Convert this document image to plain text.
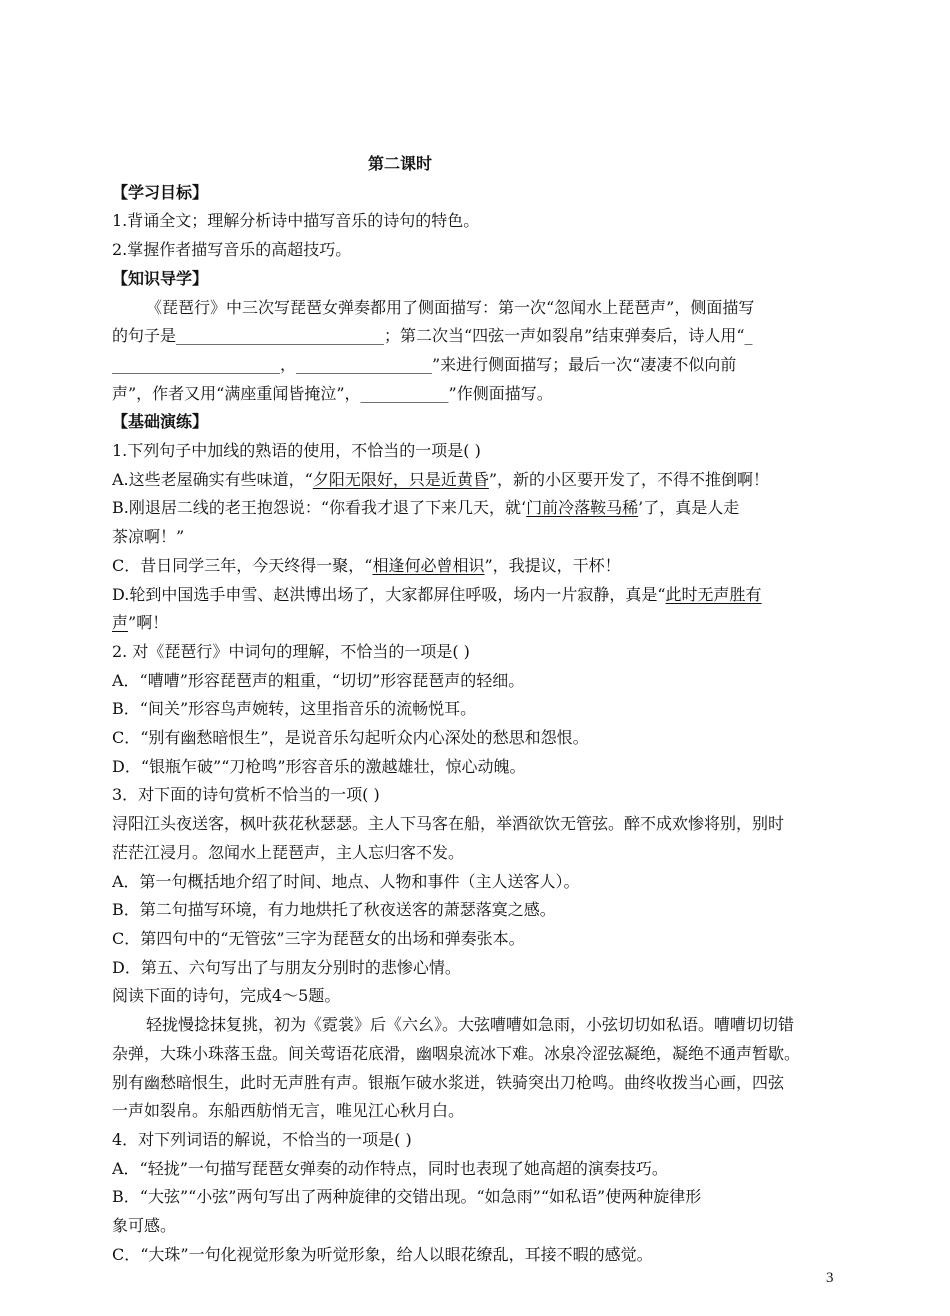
第二课时
【学习目标】
1.背诵全文；理解分析诗中描写音乐的诗句的特色。
2.掌握作者描写音乐的高超技巧。
【知识导学】
《琵琶行》中三次写琵琶女弹奏都用了侧面描写：第一次“忽闻水上琵琶声”，侧面描写
的句子是__________________________；第二次当“四弦一声如裂帛”结束弹奏后，诗人用“_
_____________________，_________________”来进行侧面描写；最后一次“凄凄不似向前
声”，作者又用“满座重闻皆掩泣”，___________”作侧面描写。
【基础演练】
1.下列句子中加线的熟语的使用，不恰当的一项是( )
A.这些老屋确实有些味道，“夕阳无限好，只是近黄昏”，新的小区要开发了，不得不推倒啊！
B.刚退居二线的老王抱怨说：“你看我才退了下来几天，就‘门前冷落鞍马稀’了，真是人走
茶凉啊！”
C．昔日同学三年，今天终得一聚，“相逢何必曾相识”，我提议，干杯！
D.轮到中国选手申雪、赵洪博出场了，大家都屏住呼吸，场内一片寂静，真是“此时无声胜有
声”啊！
2. 对《琵琶行》中词句的理解，不恰当的一项是( )
A．“嘈嘈”形容琵琶声的粗重，“切切”形容琵琶声的轻细。
B．“间关”形容鸟声婉转，这里指音乐的流畅悦耳。
C．“别有幽愁暗恨生”，是说音乐勾起听众内心深处的愁思和怨恨。
D．“银瓶乍破”“刀枪鸣”形容音乐的激越雄壮，惊心动魄。
3．对下面的诗句赏析不恰当的一项( )
浔阳江头夜送客，枫叶荻花秋瑟瑟。主人下马客在船，举酒欲饮无管弦。醉不成欢惨将别，别时
茫茫江浸月。忽闻水上琵琶声，主人忘归客不发。
A．第一句概括地介绍了时间、地点、人物和事件（主人送客人）。
B．第二句描写环境，有力地烘托了秋夜送客的萧瑟落寞之感。
C．第四句中的“无管弦”三字为琵琶女的出场和弹奏张本。
D．第五、六句写出了与朋友分别时的悲惨心情。
阅读下面的诗句，完成4～5题。
轻拢慢捻抹复挑，初为《霓裳》后《六幺》。大弦嘈嘈如急雨，小弦切切如私语。嘈嘈切切错
杂弹，大珠小珠落玉盘。间关莺语花底滑，幽咽泉流冰下难。冰泉冷涩弦凝绝，凝绝不通声暂歇。
别有幽愁暗恨生，此时无声胜有声。银瓶乍破水浆迸，铁骑突出刀枪鸣。曲终收拨当心画，四弦
一声如裂帛。东船西舫悄无言，唯见江心秋月白。
4．对下列词语的解说，不恰当的一项是( )
A．“轻拢”一句描写琵琶女弹奏的动作特点，同时也表现了她高超的演奏技巧。
B．“大弦”“小弦”两句写出了两种旋律的交错出现。“如急雨”“如私语”使两种旋律形
象可感。
C．“大珠”一句化视觉形象为听觉形象，给人以眼花缭乱，耳接不暇的感觉。
3
